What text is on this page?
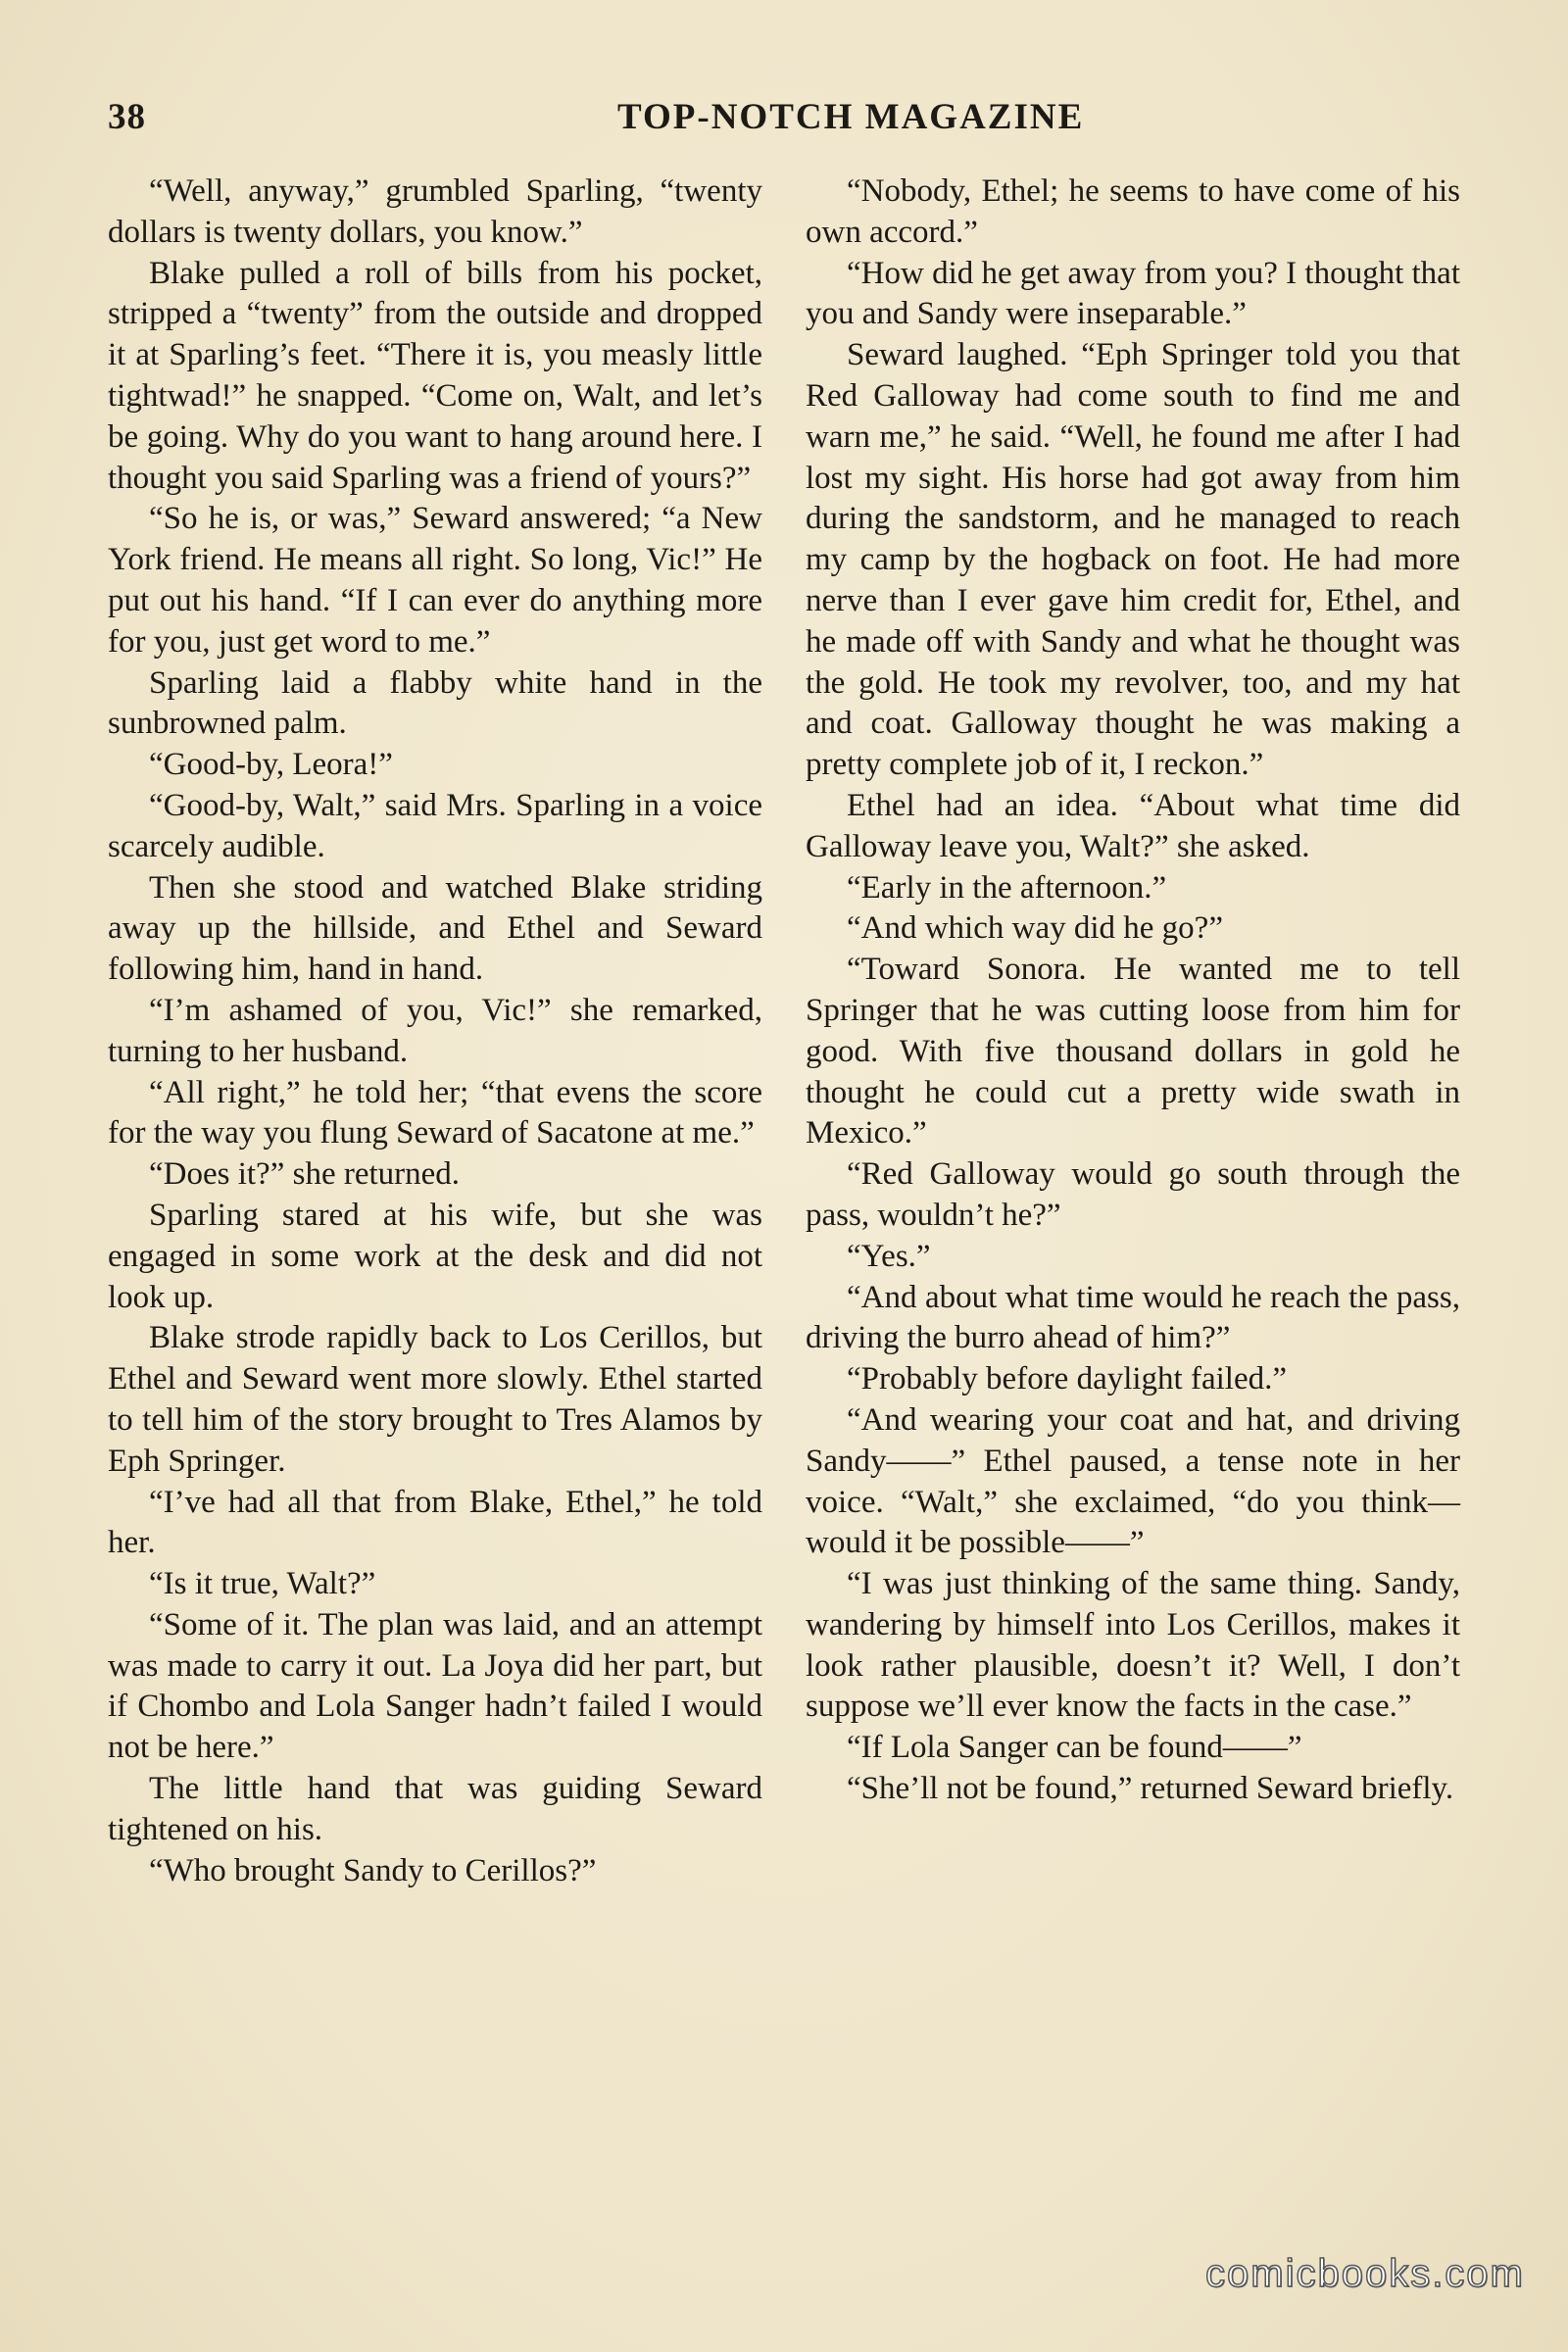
38	TOP-NOTCH MAGAZINE

“Well, anyway,” grumbled Sparling, “twenty dollars is twenty dollars, you know.”

Blake pulled a roll of bills from his pocket, stripped a “twenty” from the outside and dropped it at Sparling’s feet. “There it is, you measly little tightwad!” he snapped. “Come on, Walt, and let’s be going. Why do you want to hang around here. I thought you said Sparling was a friend of yours?”

“So he is, or was,” Seward answered; “a New York friend. He means all right. So long, Vic!” He put out his hand. “If I can ever do anything more for you, just get word to me.”

Sparling laid a flabby white hand in the sunbrowned palm.

“Good-by, Leora!”

“Good-by, Walt,” said Mrs. Sparling in a voice scarcely audible.

Then she stood and watched Blake striding away up the hillside, and Ethel and Seward following him, hand in hand.

“I’m ashamed of you, Vic!” she remarked, turning to her husband.

“All right,” he told her; “that evens the score for the way you flung Seward of Sacatone at me.”

“Does it?” she returned.

Sparling stared at his wife, but she was engaged in some work at the desk and did not look up.

Blake strode rapidly back to Los Cerillos, but Ethel and Seward went more slowly. Ethel started to tell him of the story brought to Tres Alamos by Eph Springer.

“I’ve had all that from Blake, Ethel,” he told her.

“Is it true, Walt?”

“Some of it. The plan was laid, and an attempt was made to carry it out. La Joya did her part, but if Chombo and Lola Sanger hadn’t failed I would not be here.”

The little hand that was guiding Seward tightened on his.

“Who brought Sandy to Cerillos?”

“Nobody, Ethel; he seems to have come of his own accord.”

“How did he get away from you? I thought that you and Sandy were inseparable.”

Seward laughed. “Eph Springer told you that Red Galloway had come south to find me and warn me,” he said. “Well, he found me after I had lost my sight. His horse had got away from him during the sandstorm, and he managed to reach my camp by the hogback on foot. He had more nerve than I ever gave him credit for, Ethel, and he made off with Sandy and what he thought was the gold. He took my revolver, too, and my hat and coat. Galloway thought he was making a pretty complete job of it, I reckon.”

Ethel had an idea. “About what time did Galloway leave you, Walt?” she asked.

“Early in the afternoon.”

“And which way did he go?”

“Toward Sonora. He wanted me to tell Springer that he was cutting loose from him for good. With five thousand dollars in gold he thought he could cut a pretty wide swath in Mexico.”

“Red Galloway would go south through the pass, wouldn’t he?”

“Yes.”

“And about what time would he reach the pass, driving the burro ahead of him?”

“Probably before daylight failed.”

“And wearing your coat and hat, and driving Sandy——” Ethel paused, a tense note in her voice. “Walt,” she exclaimed, “do you think—would it be possible——”

“I was just thinking of the same thing. Sandy, wandering by himself into Los Cerillos, makes it look rather plausible, doesn’t it? Well, I don’t suppose we’ll ever know the facts in the case.”

“If Lola Sanger can be found——”

“She’ll not be found,” returned Seward briefly.

comicbooks.com
